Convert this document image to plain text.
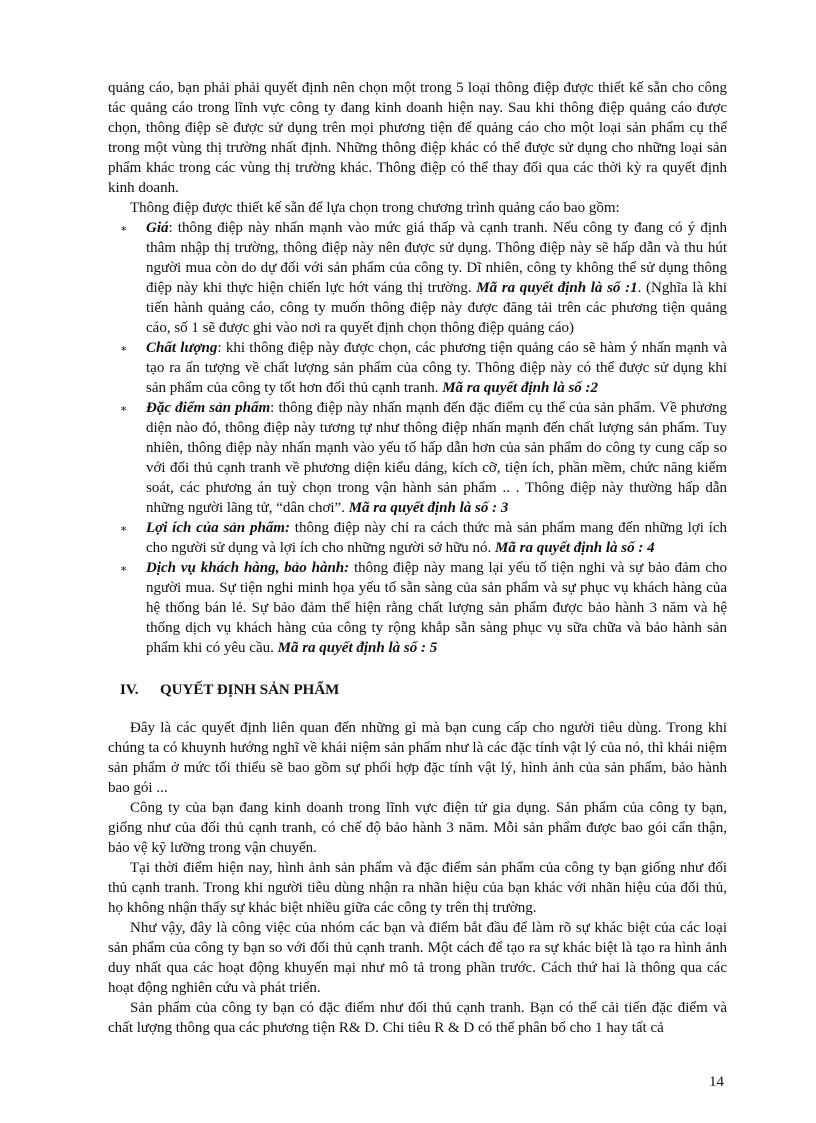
quảng cáo, bạn phải phải quyết định nên chọn một trong 5 loại thông điệp được thiết kế sẵn cho công tác quảng cáo trong lĩnh vực công ty đang kinh doanh hiện nay. Sau khi thông điệp quảng cáo được chọn, thông điệp sẽ được sử dụng trên mọi phương tiện để quảng cáo cho một loại sản phẩm cụ thể trong một vùng thị trường nhất định. Những thông điệp khác có thể được sử dụng cho những loại sản phẩm khác trong các vùng thị trường khác. Thông điệp có thể thay đổi qua các thời kỳ ra quyết định kinh doanh.

Thông điệp được thiết kế sẵn để lựa chọn trong chương trình quảng cáo bao gồm:

∗ Giá: thông điệp này nhấn mạnh vào mức giá thấp và cạnh tranh. Nếu công ty đang có ý định thâm nhập thị trường, thông điệp này nên được sử dụng. Thông điệp này sẽ hấp dẫn và thu hút người mua còn do dự đối với sản phẩm của công ty. Dĩ nhiên, công ty không thể sử dụng thông điệp này khi thực hiện chiến lực hớt váng thị trường. Mã ra quyết định là số :1. (Nghĩa là khi tiến hành quảng cáo, công ty muốn thông điệp này được đăng tải trên các phương tiện quảng cáo, số 1 sẽ được ghi vào nơi ra quyết định chọn thông điệp quảng cáo)
∗ Chất lượng: khi thông điệp này được chọn, các phương tiện quảng cáo sẽ hàm ý nhấn mạnh và tạo ra ấn tượng về chất lượng sản phẩm của công ty. Thông điệp này có thể được sử dụng khi sản phẩm của công ty tốt hơn đối thủ cạnh tranh. Mã ra quyết định là số :2
∗ Đặc điểm sản phẩm: thông điệp này nhấn mạnh đến đặc điểm cụ thể của sản phẩm. Về phương diện nào đó, thông điệp này tương tự như thông điệp nhấn mạnh đến chất lượng sản phẩm. Tuy nhiên, thông điệp này nhấn mạnh vào yếu tố hấp dẫn hơn của sản phẩm do công ty cung cấp so với đối thủ cạnh tranh về phương diện kiểu dáng, kích cỡ, tiện ích, phần mềm, chức năng kiểm soát, các phương án tuỳ chọn trong vận hành sản phẩm .. . Thông điệp này thường hấp dẫn những người lãng tử, “dân chơi”. Mã ra quyết định là số : 3
∗ Lợi ích của sản phẩm: thông điệp này chỉ ra cách thức mà sản phẩm mang đến những lợi ích cho người sử dụng và lợi ích cho những người sở hữu nó. Mã ra quyết định là số : 4
∗ Dịch vụ khách hàng, bảo hành: thông điệp này mang lại yếu tố tiện nghi và sự bảo đảm cho người mua. Sự tiện nghi minh họa yếu tố sẵn sàng của sản phẩm và sự phục vụ khách hàng của hệ thống bán lẻ. Sự bảo đảm thể hiện rằng chất lượng sản phẩm được bảo hành 3 năm và hệ thống dịch vụ khách hàng của công ty rộng khắp sẵn sàng phục vụ sữa chữa và bảo hành sản phẩm khi có yêu cầu. Mã ra quyết định là số : 5
IV. QUYẾT ĐỊNH SẢN PHẨM

Đây là các quyết định liên quan đến những gì mà bạn cung cấp cho người tiêu dùng. Trong khi chúng ta có khuynh hướng nghĩ về khái niệm sản phẩm như là các đặc tính vật lý của nó, thì khái niệm sản phẩm ở mức tối thiểu sẽ bao gồm sự phối hợp đặc tính vật lý, hình ảnh của sản phẩm, bảo hành bao gói ...

Công ty của bạn đang kinh doanh trong lĩnh vực điện tử gia dụng. Sản phẩm của công ty bạn, giống như của đối thủ cạnh tranh, có chế độ bảo hành 3 năm. Mỗi sản phẩm được bao gói cẩn thận, bảo vệ kỹ lưỡng trong vận chuyển.

Tại thời điểm hiện nay, hình ảnh sản phẩm và đặc điểm sản phẩm của công ty bạn giống như đối thủ cạnh tranh. Trong khi người tiêu dùng nhận ra nhãn hiệu của bạn khác với nhãn hiệu của đối thủ, họ không nhận thấy sự khác biệt nhiều giữa các công ty trên thị trường.

Như vậy, đây là công việc của nhóm các bạn và điểm bắt đầu để làm rõ sự khác biệt của các loại sản phẩm của công ty bạn so với đối thủ cạnh tranh. Một cách để tạo ra sự khác biệt là tạo ra hình ảnh duy nhất qua các hoạt động khuyến mại như mô tả trong phần trước. Cách thứ hai là thông qua các hoạt động nghiên cứu và phát triển.

Sản phẩm của công ty bạn có đặc điểm như đối thủ cạnh tranh. Bạn có thể cải tiến đặc điểm và chất lượng thông qua các phương tiện R& D. Chi tiêu R & D có thể phân bổ cho 1 hay tất cả

14
